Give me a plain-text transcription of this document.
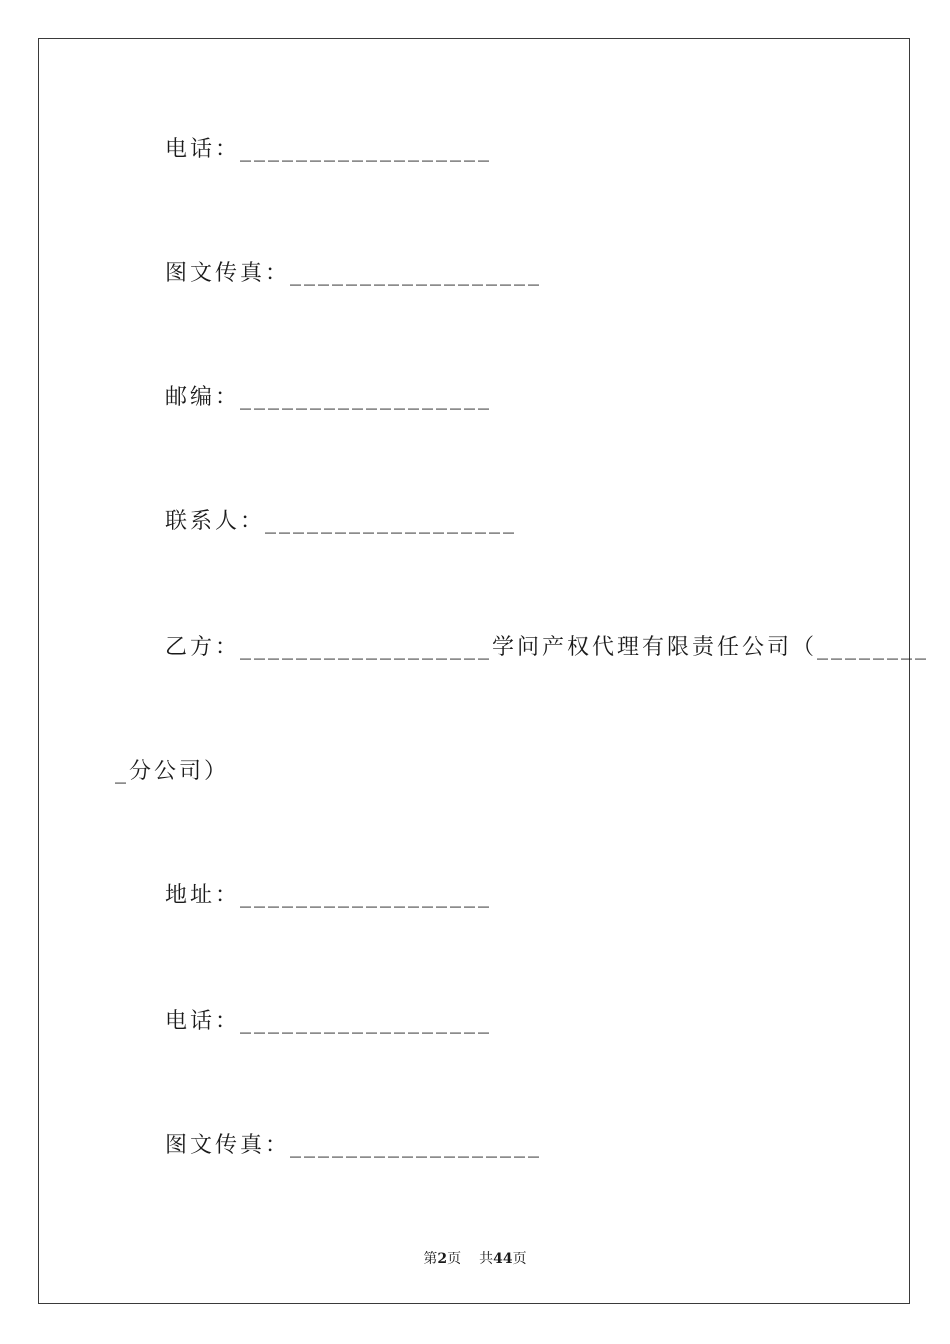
电话：__________________
图文传真：__________________
邮编：__________________
联系人：__________________
乙方：__________________学问产权代理有限责任公司（________
_分公司）
地址：__________________
电话：__________________
图文传真：__________________
第2页 共44页
